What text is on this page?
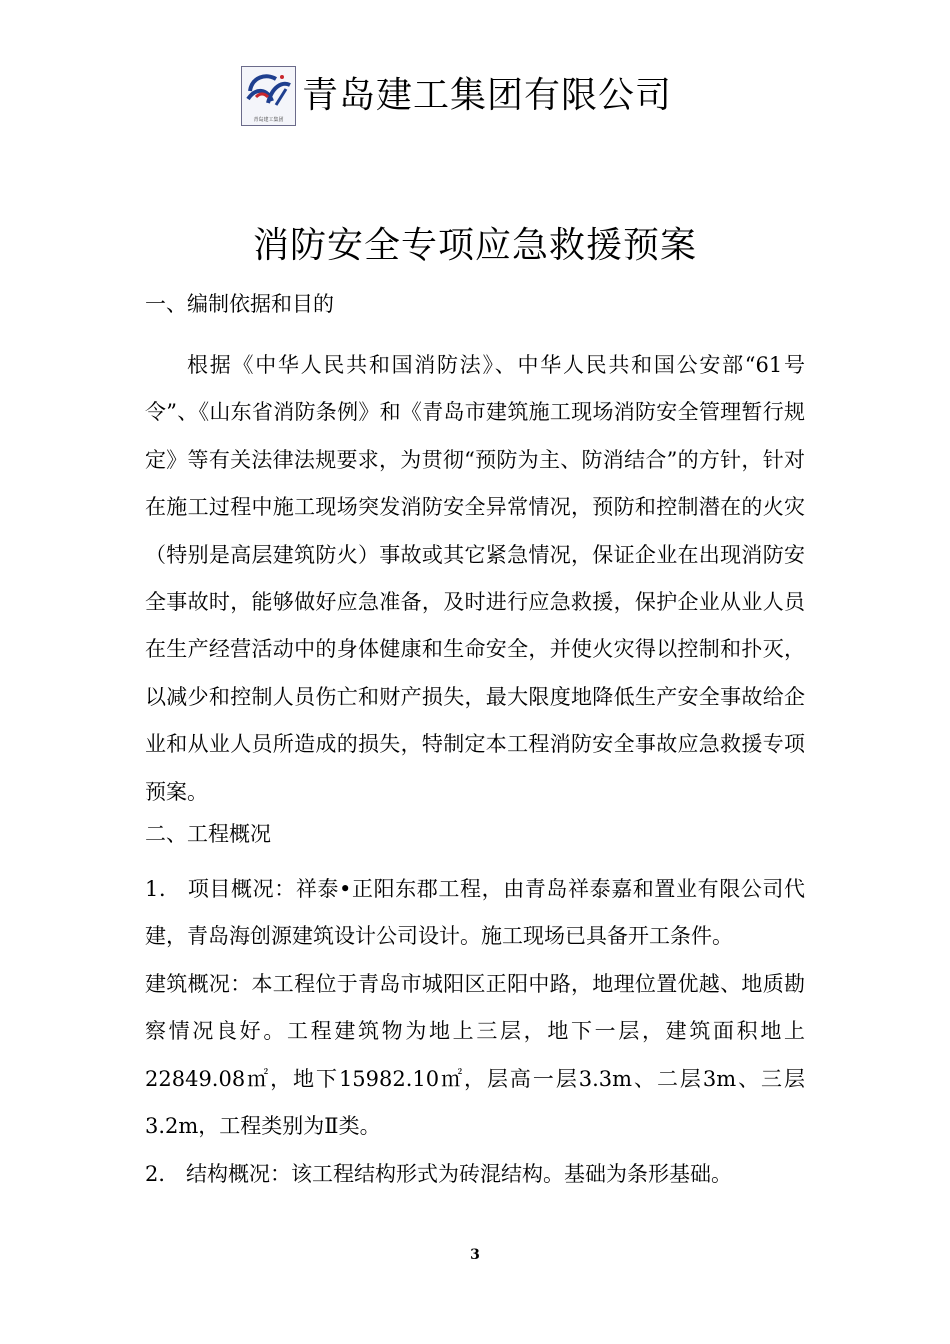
青岛建工集团
青岛建工集团有限公司
消防安全专项应急救援预案

一、编制依据和目的

根据《中华人民共和国消防法》、中华人民共和国公安部“61号令”、《山东省消防条例》和《青岛市建筑施工现场消防安全管理暂行规定》等有关法律法规要求，为贯彻“预防为主、防消结合”的方针，针对在施工过程中施工现场突发消防安全异常情况，预防和控制潜在的火灾（特别是高层建筑防火）事故或其它紧急情况，保证企业在出现消防安全事故时，能够做好应急准备，及时进行应急救援，保护企业从业人员在生产经营活动中的身体健康和生命安全，并使火灾得以控制和扑灭，以减少和控制人员伤亡和财产损失，最大限度地降低生产安全事故给企业和从业人员所造成的损失，特制定本工程消防安全事故应急救援专项预案。

二、工程概况

1． 项目概况：祥泰•正阳东郡工程，由青岛祥泰嘉和置业有限公司代建，青岛海创源建筑设计公司设计。施工现场已具备开工条件。

建筑概况：本工程位于青岛市城阳区正阳中路，地理位置优越、地质勘察情况良好。工程建筑物为地上三层，地下一层，建筑面积地上22849.08㎡，地下15982.10㎡，层高一层3.3m、二层3m、三层3.2m，工程类别为Ⅱ类。

2． 结构概况：该工程结构形式为砖混结构。基础为条形基础。

3
